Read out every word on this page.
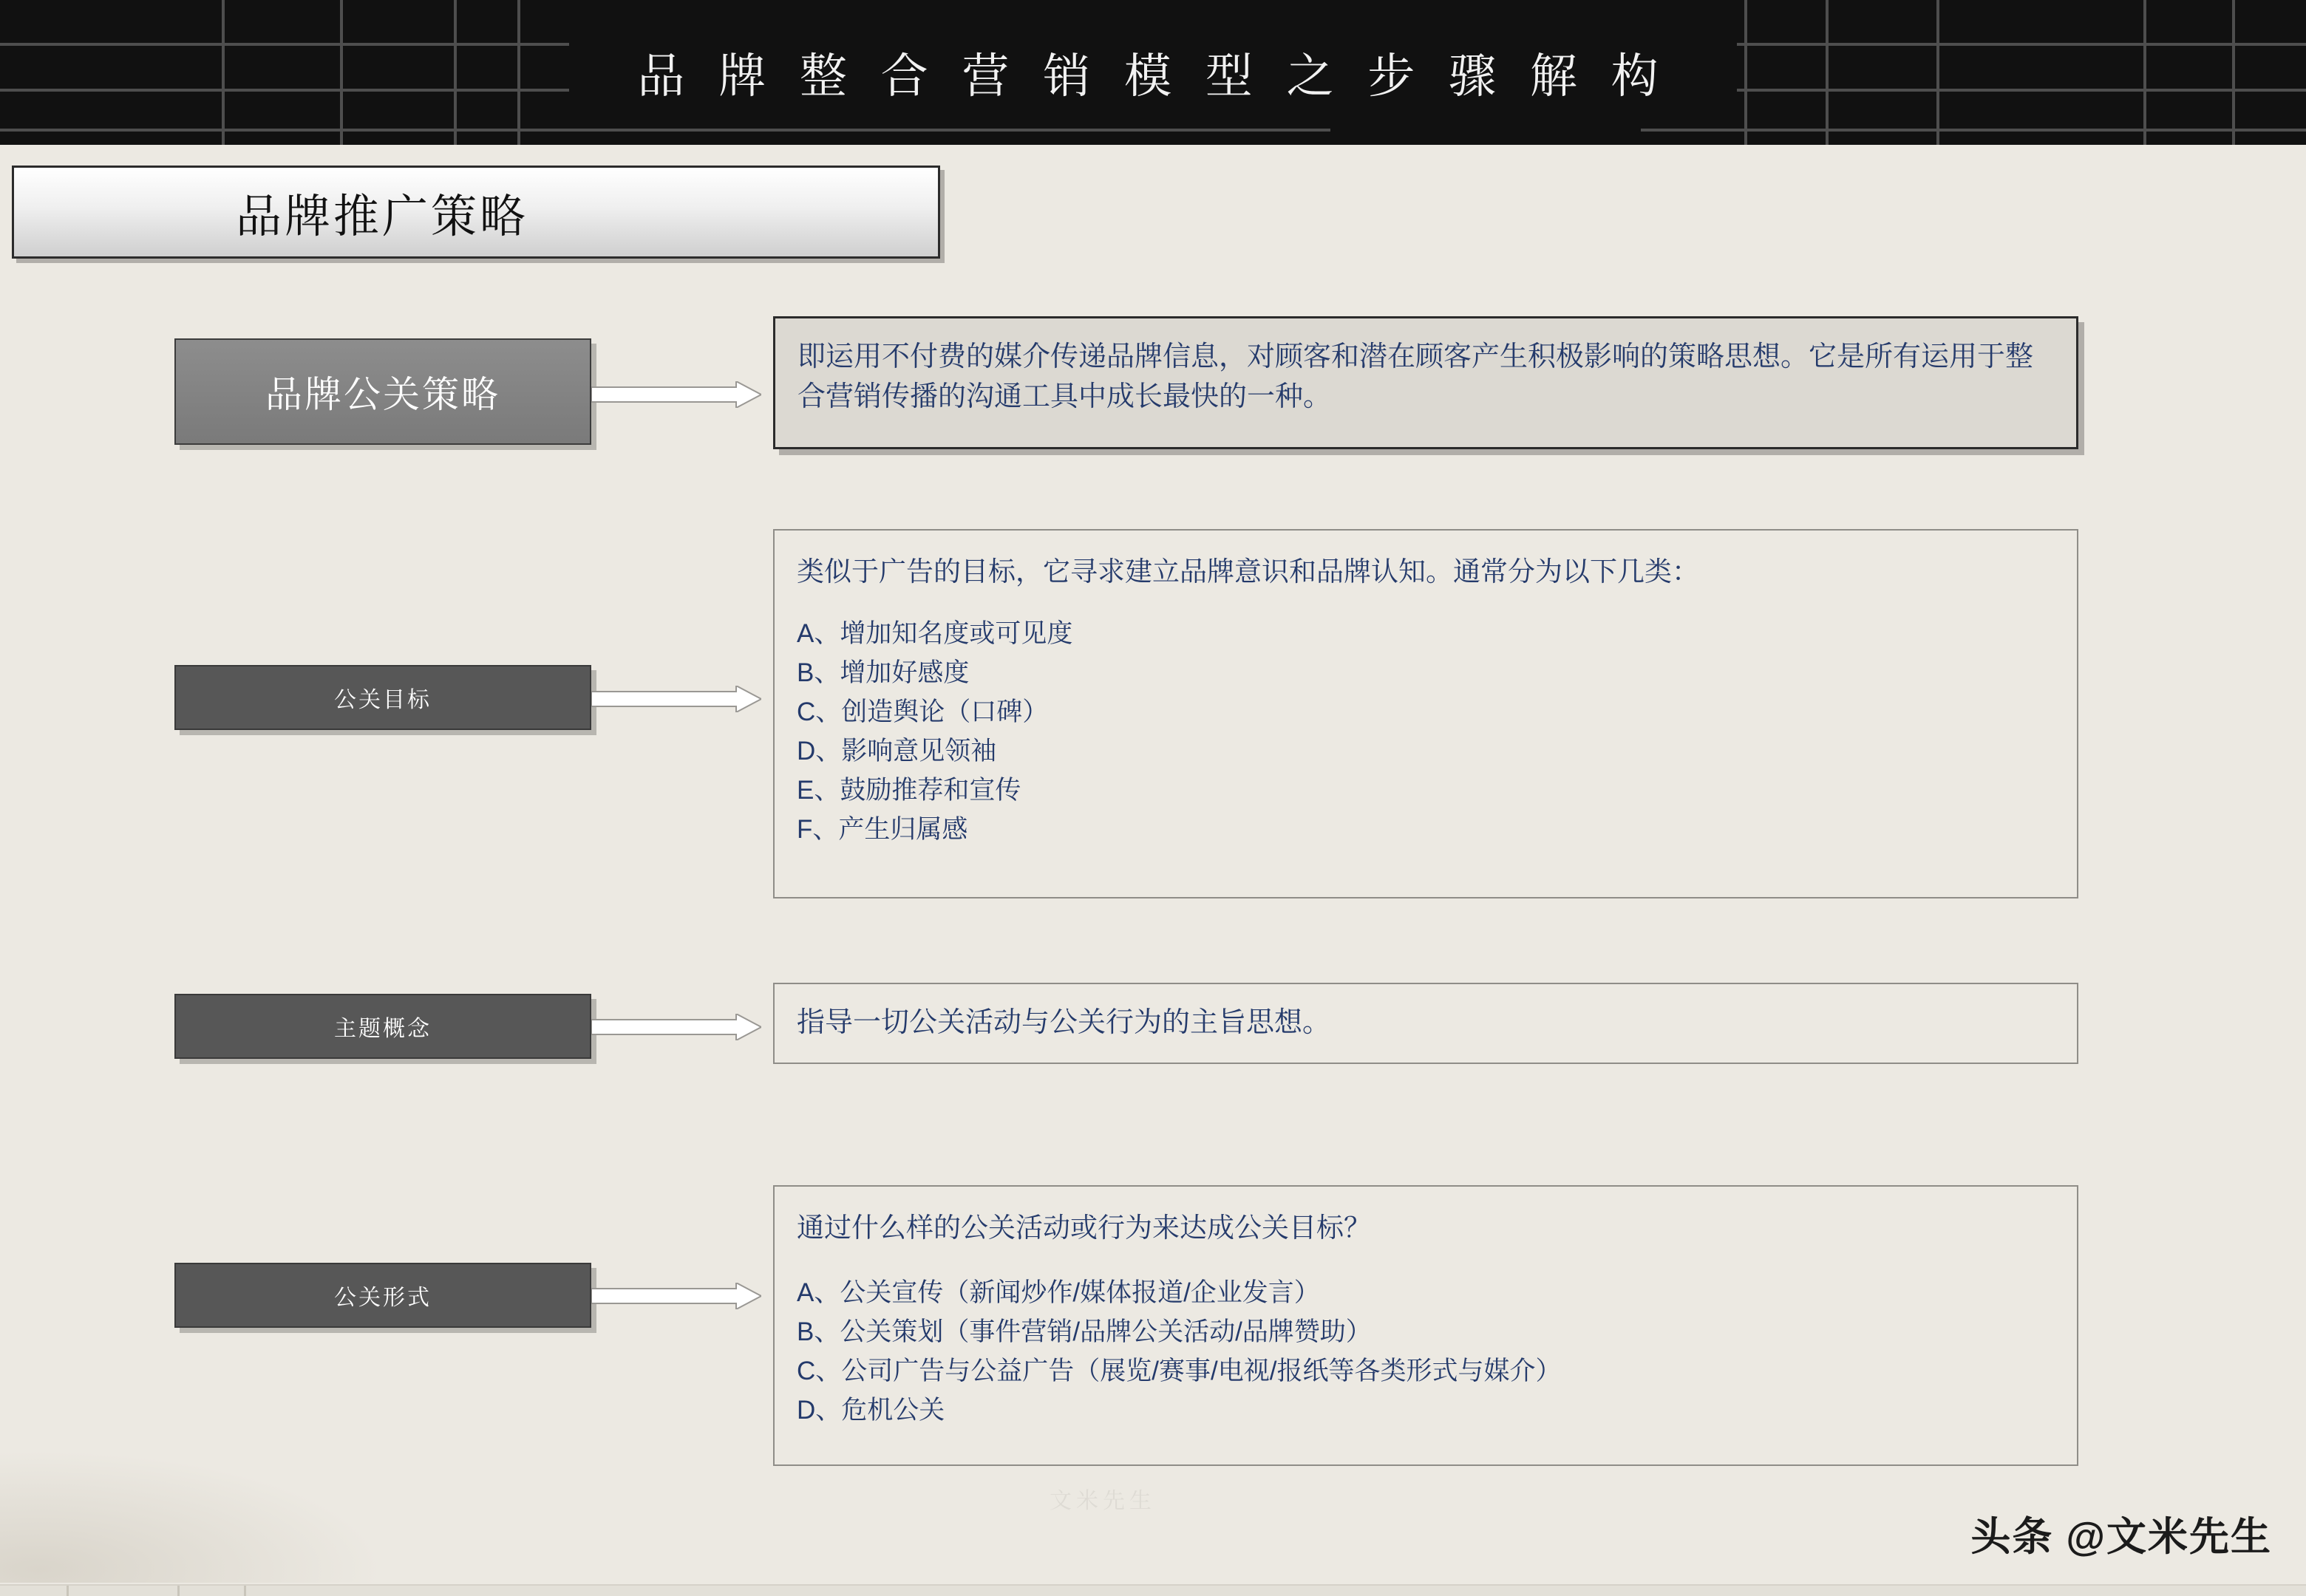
品 牌 整 合 营 销 模 型 之 步 骤 解 构
品牌推广策略
品牌公关策略
公关目标
主题概念
公关形式

即运用不付费的媒介传递品牌信息，对顾客和潜在顾客产生积极影响的策略思想。它是所有运用于整合营销传播的沟通工具中成长最快的一种。

类似于广告的目标，它寻求建立品牌意识和品牌认知。通常分为以下几类：

A、增加知名度或可见度

B、增加好感度

C、创造舆论（口碑）

D、影响意见领袖

E、鼓励推荐和宣传

F、产生归属感

指导一切公关活动与公关行为的主旨思想。

通过什么样的公关活动或行为来达成公关目标？

A、公关宣传（新闻炒作/媒体报道/企业发言）

B、公关策划（事件营销/品牌公关活动/品牌赞助）

C、公司广告与公益广告（展览/赛事/电视/报纸等各类形式与媒介）

D、危机公关

文米先生
头条 @文米先生
